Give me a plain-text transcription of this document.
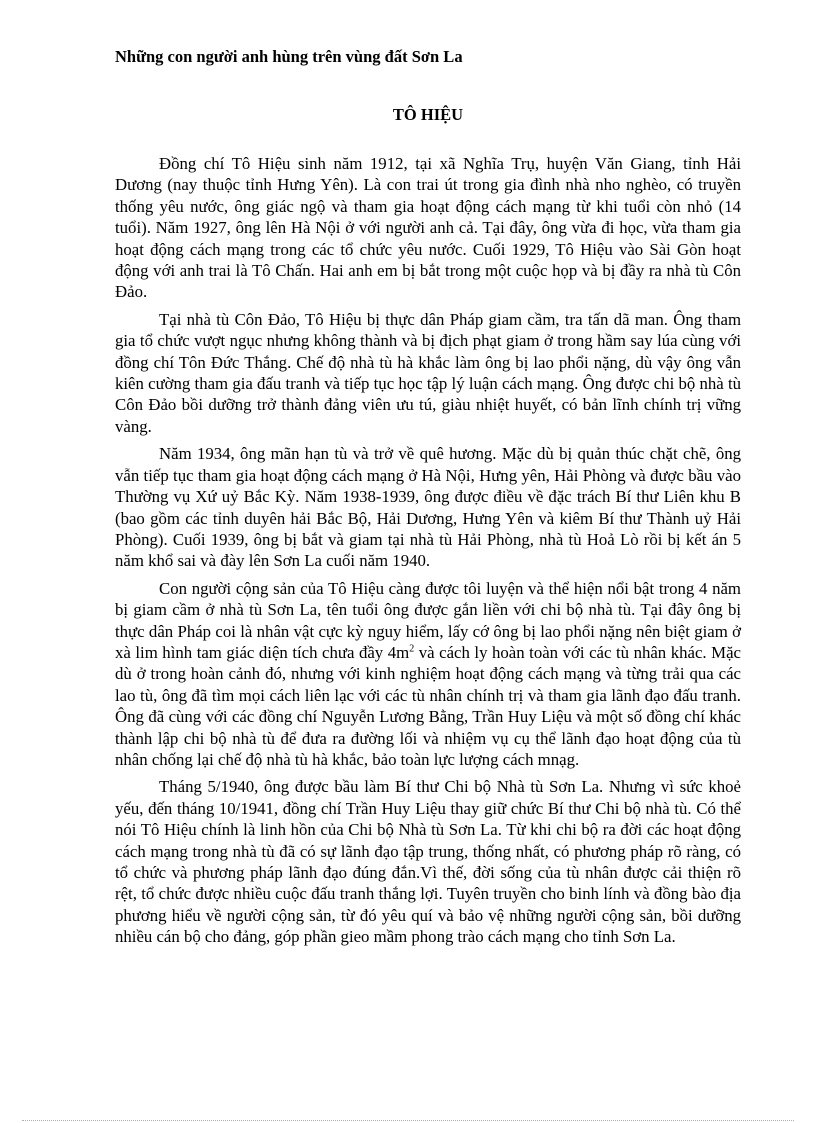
Những con người anh hùng trên vùng đất Sơn La

TÔ HIỆU

Đồng chí Tô Hiệu sinh năm 1912, tại xã Nghĩa Trụ, huyện Văn Giang, tỉnh Hải Dương (nay thuộc tỉnh Hưng Yên). Là con trai út trong gia đình nhà nho nghèo, có truyền thống yêu nước, ông giác ngộ và tham gia hoạt động cách mạng từ khi tuổi còn nhỏ (14 tuổi). Năm 1927, ông lên Hà Nội ở với người anh cả. Tại đây, ông vừa đi học, vừa tham gia hoạt động cách mạng trong các tổ chức yêu nước. Cuối 1929, Tô Hiệu vào Sài Gòn hoạt động với anh trai là Tô Chấn. Hai anh em bị bắt trong một cuộc họp và bị đầy ra nhà tù Côn Đảo.

Tại nhà tù Côn Đảo, Tô Hiệu bị thực dân Pháp giam cầm, tra tấn dã man. Ông tham gia tổ chức vượt ngục nhưng không thành và bị địch phạt giam ở trong hầm say lúa cùng với đồng chí Tôn Đức Thắng. Chế độ nhà tù hà khắc làm ông bị lao phổi nặng, dù vậy ông vẫn kiên cường tham gia đấu tranh và tiếp tục học tập lý luận cách mạng. Ông được chi bộ nhà tù Côn Đảo bồi dưỡng trở thành đảng viên ưu tú, giàu nhiệt huyết, có bản lĩnh chính trị vững vàng.

Năm 1934, ông mãn hạn tù và trở về quê hương. Mặc dù bị quản thúc chặt chẽ, ông vẫn tiếp tục tham gia hoạt động cách mạng ở Hà Nội, Hưng yên, Hải Phòng và được bầu vào Thường vụ Xứ uỷ Bắc Kỳ. Năm 1938-1939, ông được điều về đặc trách Bí thư Liên khu B (bao gồm các tỉnh duyên hải Bắc Bộ, Hải Dương, Hưng Yên và kiêm Bí thư Thành uỷ Hải Phòng). Cuối 1939, ông bị bắt và giam tại nhà tù Hải Phòng, nhà tù Hoả Lò rồi bị kết án 5 năm khổ sai và đày lên Sơn La cuối năm 1940.

Con người cộng sản của Tô Hiệu càng được tôi luyện và thể hiện nổi bật trong 4 năm bị giam cầm ở nhà tù Sơn La, tên tuổi ông được gắn liền với chi bộ nhà tù. Tại đây ông bị thực dân Pháp coi là nhân vật cực kỳ nguy hiểm, lấy cớ ông bị lao phổi nặng nên biệt giam ở xà lim hình tam giác diện tích chưa đầy $4m^2$ và cách ly hoàn toàn với các tù nhân khác. Mặc dù ở trong hoàn cảnh đó, nhưng với kinh nghiệm hoạt động cách mạng và từng trải qua các lao tù, ông đã tìm mọi cách liên lạc với các tù nhân chính trị và tham gia lãnh đạo đấu tranh. Ông đã cùng với các đồng chí Nguyễn Lương Bằng, Trần Huy Liệu và một số đồng chí khác thành lập chi bộ nhà tù để đưa ra đường lối và nhiệm vụ cụ thể lãnh đạo hoạt động của tù nhân chống lại chế độ nhà tù hà khắc, bảo toàn lực lượng cách mnạg.

Tháng 5/1940, ông được bầu làm Bí thư Chi bộ Nhà tù Sơn La. Nhưng vì sức khoẻ yếu, đến tháng 10/1941, đồng chí Trần Huy Liệu thay giữ chức Bí thư Chi bộ nhà tù. Có thể nói Tô Hiệu chính là linh hồn của Chi bộ Nhà tù Sơn La. Từ khi chi bộ ra đời các hoạt động cách mạng trong nhà tù đã có sự lãnh đạo tập trung, thống nhất, có phương pháp rõ ràng, có tổ chức và phương pháp lãnh đạo đúng đắn.Vì thế, đời sống của tù nhân được cải thiện rõ rệt, tổ chức được nhiều cuộc đấu tranh thắng lợi. Tuyên truyền cho binh lính và đồng bào địa phương hiểu về người cộng sản, từ đó yêu quí và bảo vệ những người cộng sản, bồi dưỡng nhiều cán bộ cho đảng, góp phần gieo mầm phong trào cách mạng cho tỉnh Sơn La.
